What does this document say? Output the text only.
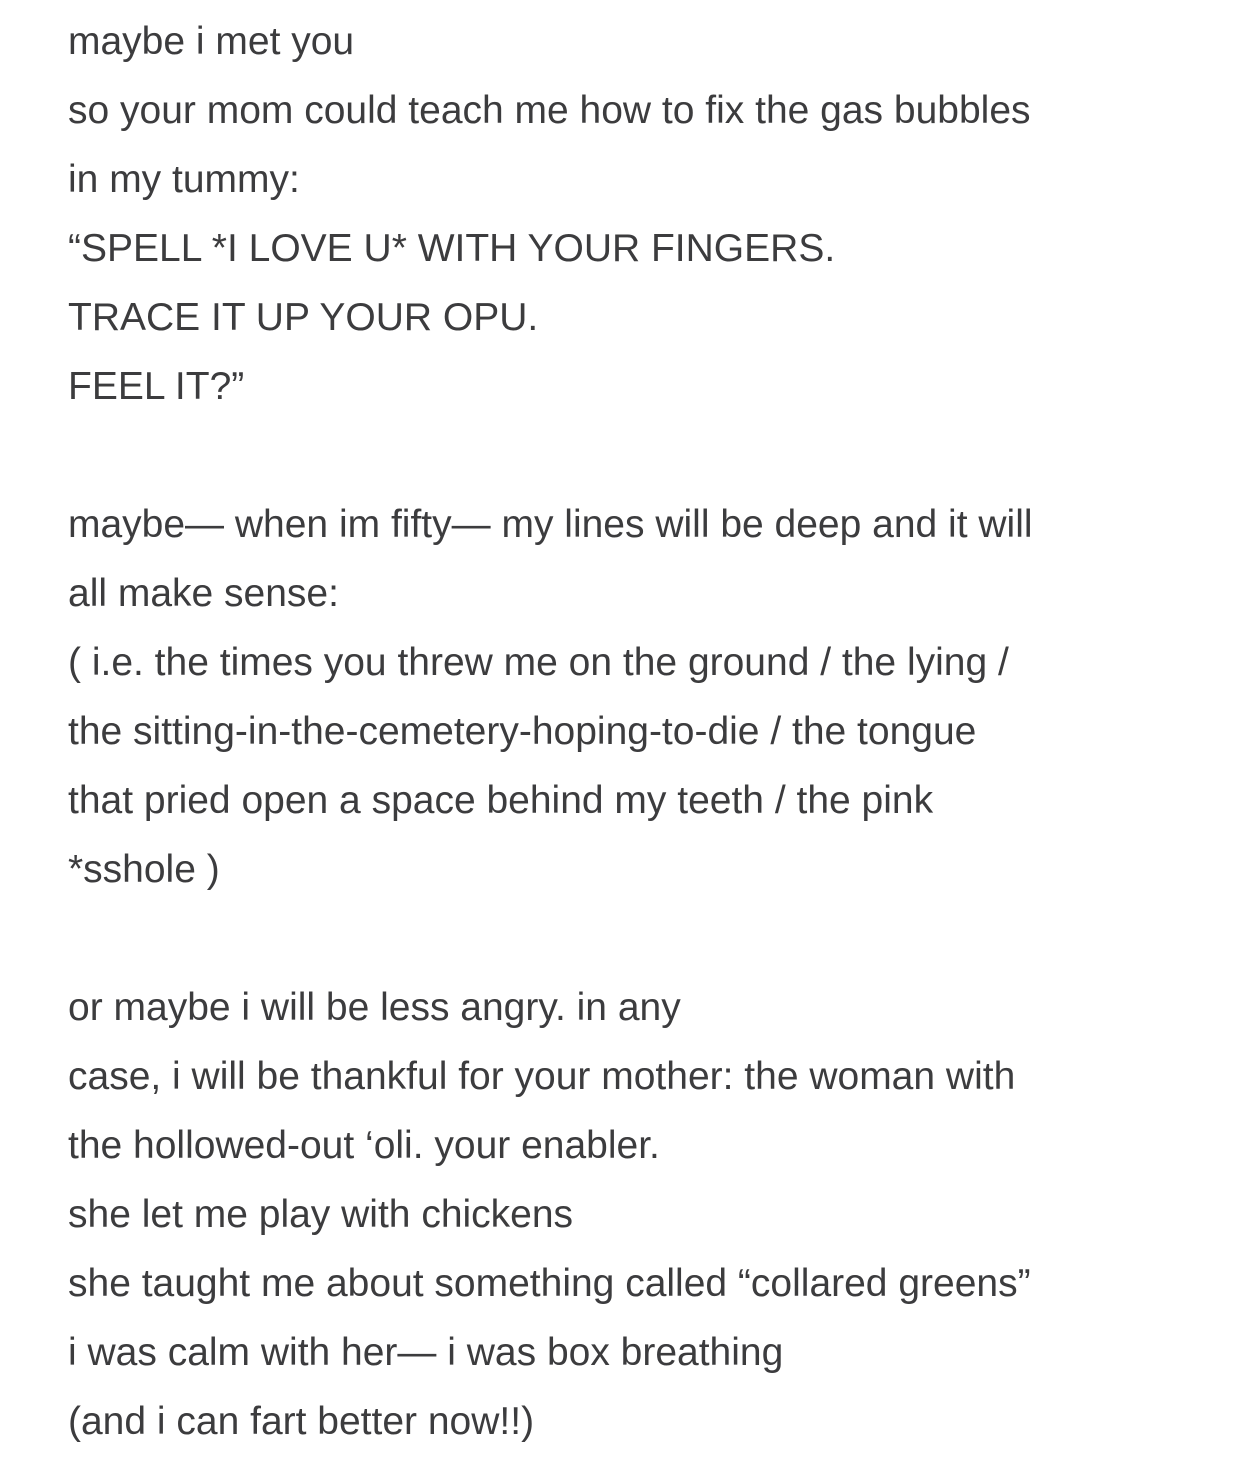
maybe i met you
so your mom could teach me how to fix the gas bubbles
in my tummy:
“SPELL *I LOVE U* WITH YOUR FINGERS.
TRACE IT UP YOUR OPU.
FEEL IT?”
maybe— when im fifty— my lines will be deep and it will
all make sense:
( i.e. the times you threw me on the ground / the lying /
the sitting-in-the-cemetery-hoping-to-die / the tongue
that pried open a space behind my teeth / the pink
*sshole )
or maybe i will be less angry. in any
case, i will be thankful for your mother: the woman with
the hollowed-out ‘oli. your enabler.
she let me play with chickens
she taught me about something called “collared greens”
i was calm with her— i was box breathing
(and i can fart better now!!)
